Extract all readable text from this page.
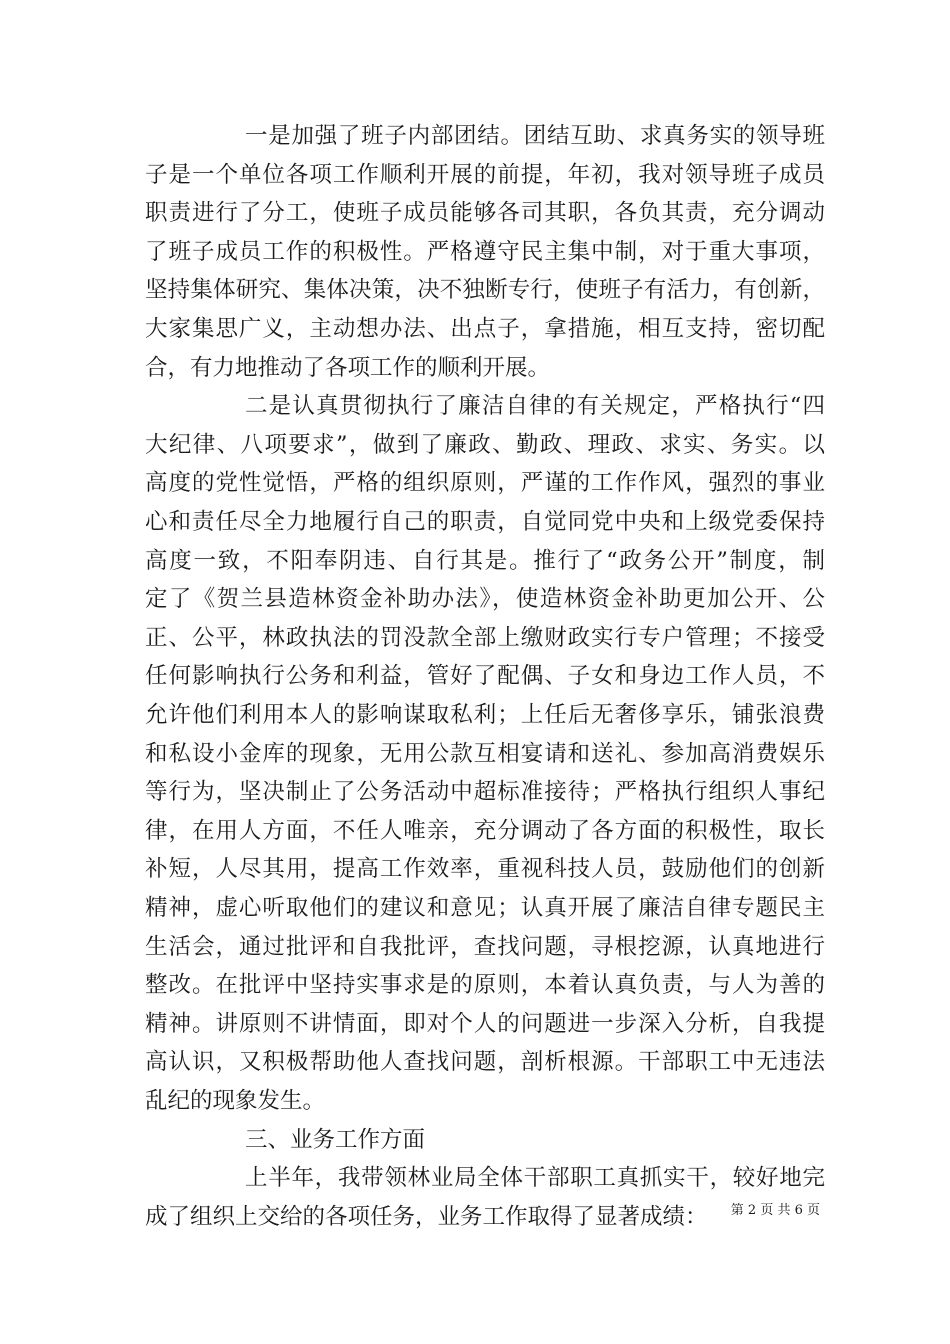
一是加强了班子内部团结。团结互助、求真务实的领导班
子是一个单位各项工作顺利开展的前提，年初，我对领导班子成员
职责进行了分工，使班子成员能够各司其职，各负其责，充分调动
了班子成员工作的积极性。严格遵守民主集中制，对于重大事项，
坚持集体研究、集体决策，决不独断专行，使班子有活力，有创新，
大家集思广义，主动想办法、出点子，拿措施，相互支持，密切配
合，有力地推动了各项工作的顺利开展。
二是认真贯彻执行了廉洁自律的有关规定，严格执行“四
大纪律、八项要求”，做到了廉政、勤政、理政、求实、务实。以
高度的党性觉悟，严格的组织原则，严谨的工作作风，强烈的事业
心和责任尽全力地履行自己的职责，自觉同党中央和上级党委保持
高度一致，不阳奉阴违、自行其是。推行了“政务公开”制度，制
定了《贺兰县造林资金补助办法》，使造林资金补助更加公开、公
正、公平，林政执法的罚没款全部上缴财政实行专户管理；不接受
任何影响执行公务和利益，管好了配偶、子女和身边工作人员，不
允许他们利用本人的影响谋取私利；上任后无奢侈享乐，铺张浪费
和私设小金库的现象，无用公款互相宴请和送礼、参加高消费娱乐
等行为，坚决制止了公务活动中超标准接待；严格执行组织人事纪
律，在用人方面，不任人唯亲，充分调动了各方面的积极性，取长
补短，人尽其用，提高工作效率，重视科技人员，鼓励他们的创新
精神，虚心听取他们的建议和意见；认真开展了廉洁自律专题民主
生活会，通过批评和自我批评，查找问题，寻根挖源，认真地进行
整改。在批评中坚持实事求是的原则，本着认真负责，与人为善的
精神。讲原则不讲情面，即对个人的问题进一步深入分析，自我提
高认识，又积极帮助他人查找问题，剖析根源。干部职工中无违法
乱纪的现象发生。
三、业务工作方面
上半年，我带领林业局全体干部职工真抓实干，较好地完
成了组织上交给的各项任务，业务工作取得了显著成绩：	第 2 页 共 6 页
